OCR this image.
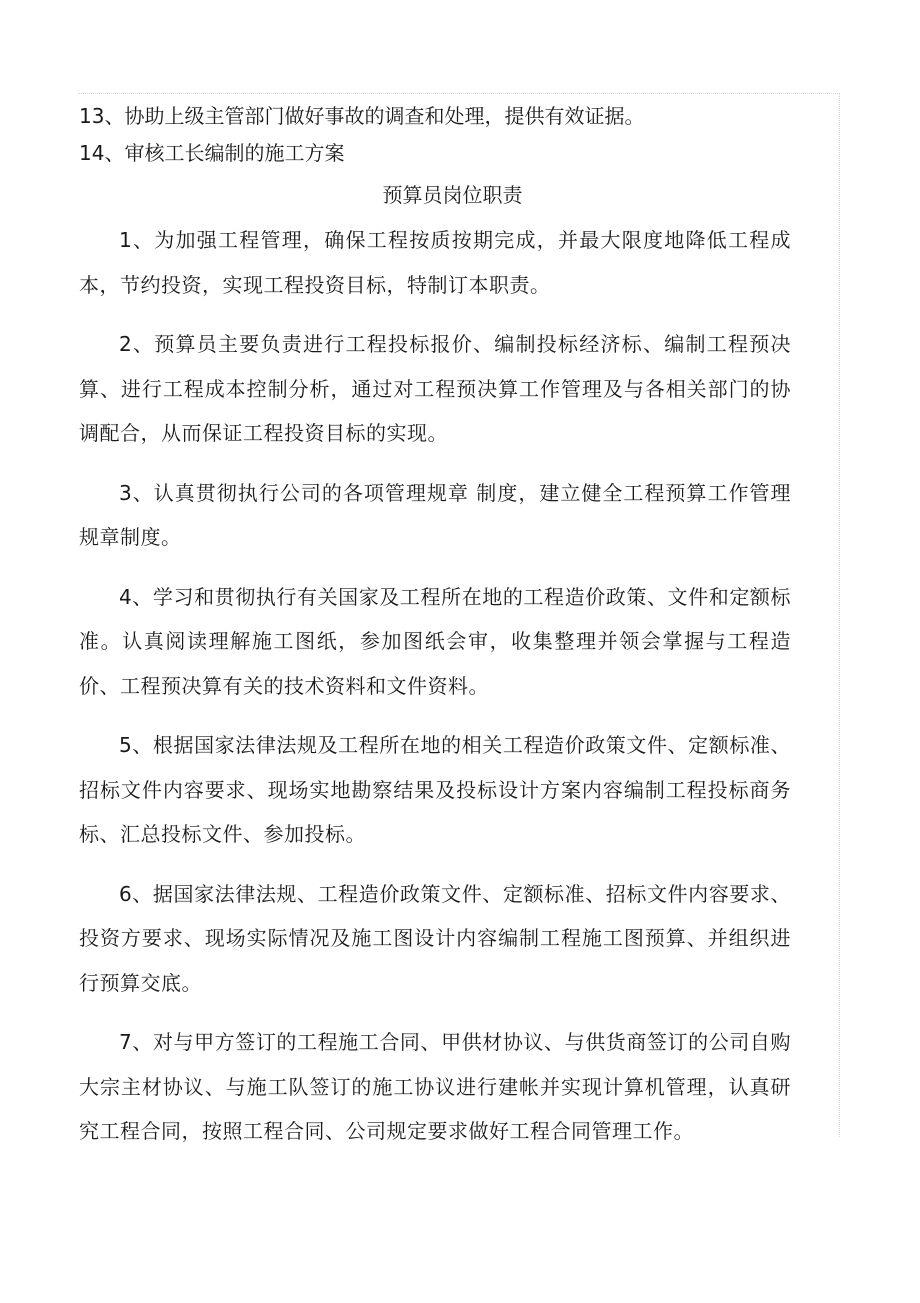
13、协助上级主管部门做好事故的调查和处理，提供有效证据。

14、审核工长编制的施工方案

预算员岗位职责

1、为加强工程管理，确保工程按质按期完成，并最大限度地降低工程成本，节约投资，实现工程投资目标，特制订本职责。

2、预算员主要负责进行工程投标报价、编制投标经济标、编制工程预决算、进行工程成本控制分析，通过对工程预决算工作管理及与各相关部门的协调配合，从而保证工程投资目标的实现。

3、认真贯彻执行公司的各项管理规章 制度，建立健全工程预算工作管理规章制度。

4、学习和贯彻执行有关国家及工程所在地的工程造价政策、文件和定额标准。认真阅读理解施工图纸，参加图纸会审，收集整理并领会掌握与工程造价、工程预决算有关的技术资料和文件资料。

5、根据国家法律法规及工程所在地的相关工程造价政策文件、定额标准、招标文件内容要求、现场实地勘察结果及投标设计方案内容编制工程投标商务标、汇总投标文件、参加投标。

6、据国家法律法规、工程造价政策文件、定额标准、招标文件内容要求、投资方要求、现场实际情况及施工图设计内容编制工程施工图预算、并组织进行预算交底。

7、对与甲方签订的工程施工合同、甲供材协议、与供货商签订的公司自购大宗主材协议、与施工队签订的施工协议进行建帐并实现计算机管理，认真研究工程合同，按照工程合同、公司规定要求做好工程合同管理工作。
